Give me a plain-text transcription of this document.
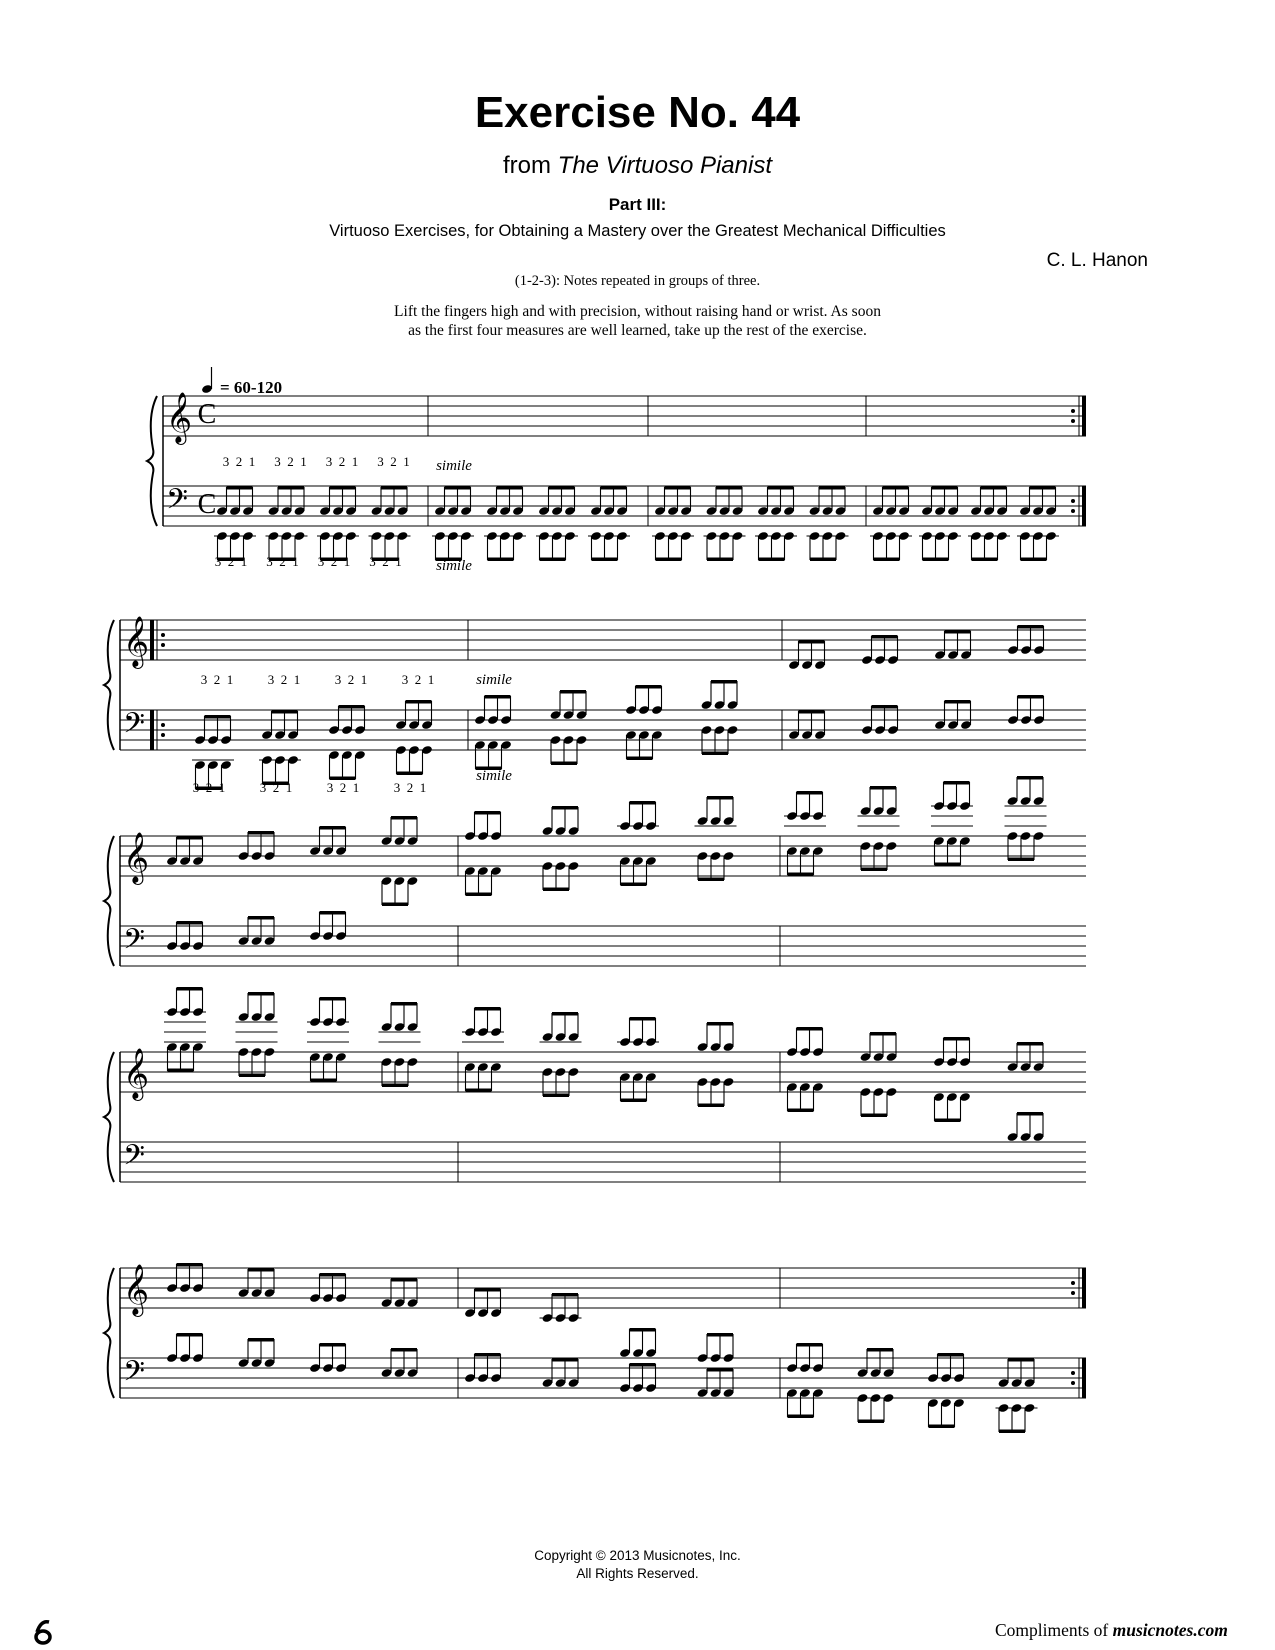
Exercise No. 44
from The Virtuoso Pianist
Part III:
Virtuoso Exercises, for Obtaining a Mastery over the Greatest Mechanical Difficulties
C. L. Hanon
(1-2-3): Notes repeated in groups of three.
Lift the fingers high and with precision, without raising hand or wrist. As soon
as the first four measures are well learned, take up the rest of the exercise.
= 60-120
𝄞
𝄢
C
C
3
3
2
2
1
1
3
3
2
2
1
1
3
3
2
2
1
1
3
3
2
2
1
1
simile
simile
𝄞
𝄢
3
3
2
2
1
1
3
3
2
2
1
1
3
3
2
2
1
1
3
3
2
2
1
1
simile
simile
𝄞
𝄢
𝄞
𝄢
𝄞
𝄢
Copyright © 2013 Musicnotes, Inc.
All Rights Reserved.
Compliments of musicnotes.com
